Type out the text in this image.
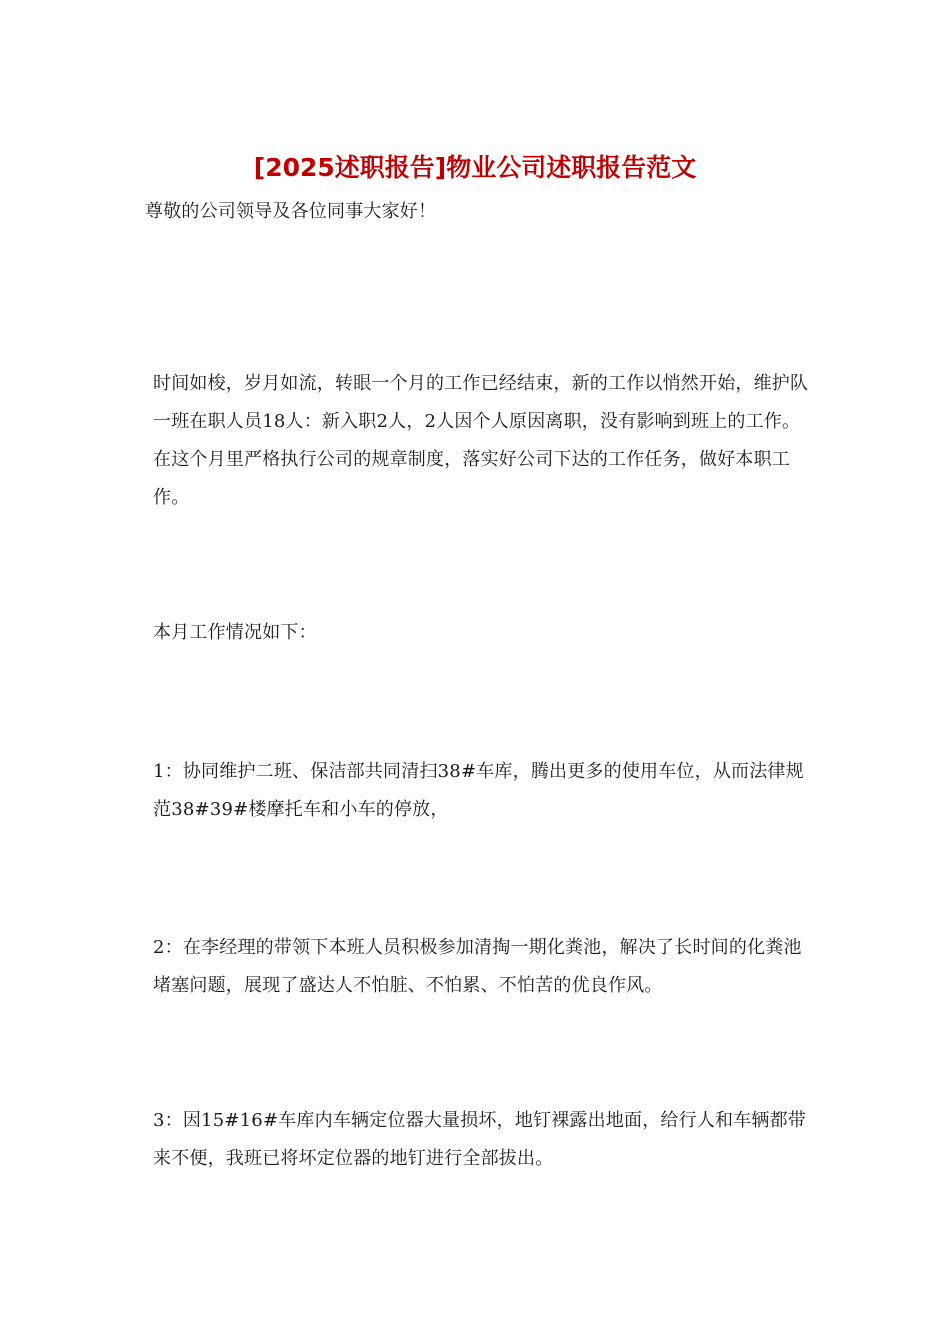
[2025述职报告]物业公司述职报告范文

尊敬的公司领导及各位同事大家好！

时间如梭，岁月如流，转眼一个月的工作已经结束，新的工作以悄然开始，维护队一班在职人员18人：新入职2人，2人因个人原因离职，没有影响到班上的工作。在这个月里严格执行公司的规章制度，落实好公司下达的工作任务，做好本职工作。

本月工作情况如下：

1：协同维护二班、保洁部共同清扫38#车库，腾出更多的使用车位，从而法律规范38#39#楼摩托车和小车的停放，

2：在李经理的带领下本班人员积极参加清掏一期化粪池，解决了长时间的化粪池堵塞问题，展现了盛达人不怕脏、不怕累、不怕苦的优良作风。

3：因15#16#车库内车辆定位器大量损坏，地钉裸露出地面，给行人和车辆都带来不便，我班已将坏定位器的地钉进行全部拔出。
